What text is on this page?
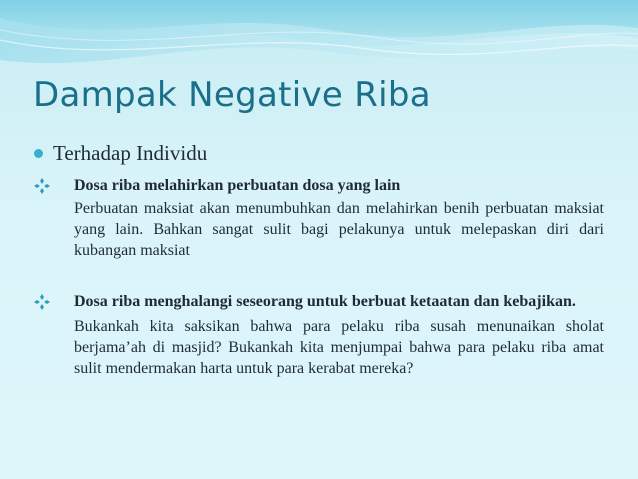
Dampak Negative Riba
Terhadap Individu
Dosa riba melahirkan perbuatan dosa yang lain
Perbuatan maksiat akan menumbuhkan dan melahirkan benih perbuatan maksiat yang lain. Bahkan sangat sulit bagi pelakunya untuk melepaskan diri dari kubangan maksiat
Dosa riba menghalangi seseorang untuk berbuat ketaatan dan kebajikan.
Bukankah kita saksikan bahwa para pelaku riba susah menunaikan sholat berjama’ah di masjid? Bukankah kita menjumpai bahwa para pelaku riba amat sulit mendermakan harta untuk para kerabat mereka?
